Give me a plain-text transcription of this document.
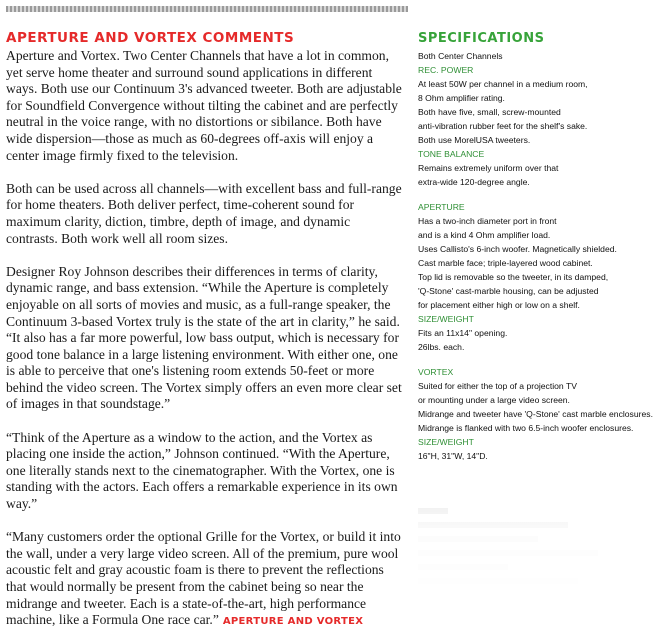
APERTURE AND VORTEX COMMENTS

Aperture and Vortex. Two Center Channels that have a lot in common, yet serve home theater and surround sound applications in different ways. Both use our Continuum 3's advanced tweeter. Both are adjustable for Soundfield Convergence without tilting the cabinet and are perfectly neutral in the voice range, with no distortions or sibilance. Both have wide dispersion—those as much as 60-degrees off-axis will enjoy a center image firmly fixed to the television.

Both can be used across all channels—with excellent bass and full-range for home theaters. Both deliver perfect, time-coherent sound for maximum clarity, diction, timbre, depth of image, and dynamic contrasts. Both work well all room sizes.

Designer Roy Johnson describes their differences in terms of clarity, dynamic range, and bass extension. “While the Aperture is completely enjoyable on all sorts of movies and music, as a full-range speaker, the Continuum 3-based Vortex truly is the state of the art in clarity,” he said. “It also has a far more powerful, low bass output, which is necessary for good tone balance in a large listening environment. With either one, one is able to perceive that one's listening room extends 50-feet or more behind the video screen. The Vortex simply offers an even more clear set of images in that soundstage.”

“Think of the Aperture as a window to the action, and the Vortex as placing one inside the action,” Johnson continued. “With the Aperture, one literally stands next to the cinematographer. With the Vortex, one is standing with the actors. Each offers a remarkable experience in its own way.”

“Many customers order the optional Grille for the Vortex, or build it into the wall, under a very large video screen. All of the premium, pure wool acoustic felt and gray acoustic foam is there to prevent the reflections that would normally be present from the cabinet being so near the midrange and tweeter. Each is a state-of-the-art, high performance machine, like a Formula One race car.” APERTURE AND VORTEX

SPECIFICATIONS
Both Center Channels
REC. POWER
At least 50W per channel in a medium room,
8 Ohm amplifier rating.
Both have five, small, screw-mounted
anti-vibration rubber feet for the shelf's sake.
Both use MorelUSA tweeters.
TONE BALANCE
Remains extremely uniform over that
extra-wide 120-degree angle.
APERTURE
Has a two-inch diameter port in front
and is a kind 4 Ohm amplifier load.
Uses Callisto's 6-inch woofer. Magnetically shielded.
Cast marble face; triple-layered wood cabinet.
Top lid is removable so the tweeter, in its damped,
'Q-Stone' cast-marble housing, can be adjusted
for placement either high or low on a shelf.
SIZE/WEIGHT
Fits an 11x14" opening.
26lbs. each.
VORTEX
Suited for either the top of a projection TV
or mounting under a large video screen.
Midrange and tweeter have 'Q-Stone' cast marble enclosures.
Midrange is flanked with two 6.5-inch woofer enclosures.
SIZE/WEIGHT
16"H, 31"W, 14"D.
